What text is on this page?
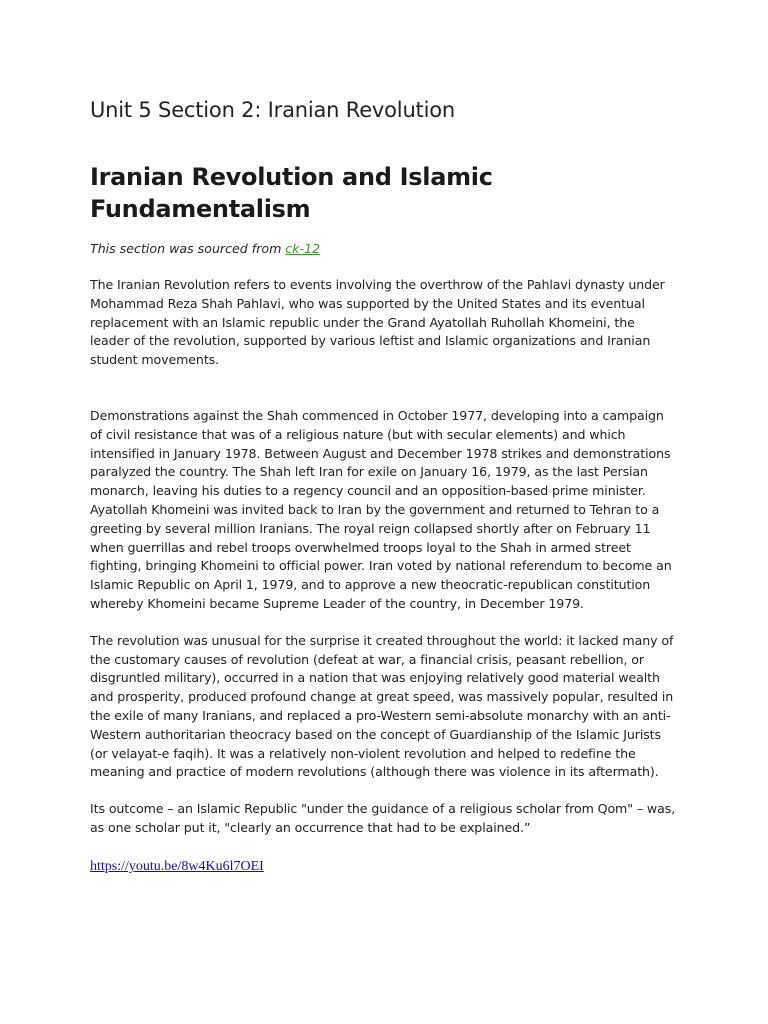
Unit 5 Section 2: Iranian Revolution
Iranian Revolution and Islamic Fundamentalism

This section was sourced from ck-12

The Iranian Revolution refers to events involving the overthrow of the Pahlavi dynasty under Mohammad Reza Shah Pahlavi, who was supported by the United States and its eventual replacement with an Islamic republic under the Grand Ayatollah Ruhollah Khomeini, the leader of the revolution, supported by various leftist and Islamic organizations and Iranian student movements.

Demonstrations against the Shah commenced in October 1977, developing into a campaign of civil resistance that was of a religious nature (but with secular elements) and which intensified in January 1978. Between August and December 1978 strikes and demonstrations paralyzed the country. The Shah left Iran for exile on January 16, 1979, as the last Persian monarch, leaving his duties to a regency council and an opposition-based prime minister. Ayatollah Khomeini was invited back to Iran by the government and returned to Tehran to a greeting by several million Iranians. The royal reign collapsed shortly after on February 11 when guerrillas and rebel troops overwhelmed troops loyal to the Shah in armed street fighting, bringing Khomeini to official power. Iran voted by national referendum to become an Islamic Republic on April 1, 1979, and to approve a new theocratic-republican constitution whereby Khomeini became Supreme Leader of the country, in December 1979.

The revolution was unusual for the surprise it created throughout the world: it lacked many of the customary causes of revolution (defeat at war, a financial crisis, peasant rebellion, or disgruntled military), occurred in a nation that was enjoying relatively good material wealth and prosperity, produced profound change at great speed, was massively popular, resulted in the exile of many Iranians, and replaced a pro-Western semi-absolute monarchy with an anti-Western authoritarian theocracy based on the concept of Guardianship of the Islamic Jurists (or velayat-e faqih). It was a relatively non-violent revolution and helped to redefine the meaning and practice of modern revolutions (although there was violence in its aftermath).

Its outcome – an Islamic Republic "under the guidance of a religious scholar from Qom" – was, as one scholar put it, "clearly an occurrence that had to be explained.”

https://youtu.be/8w4Ku6l7OEI
